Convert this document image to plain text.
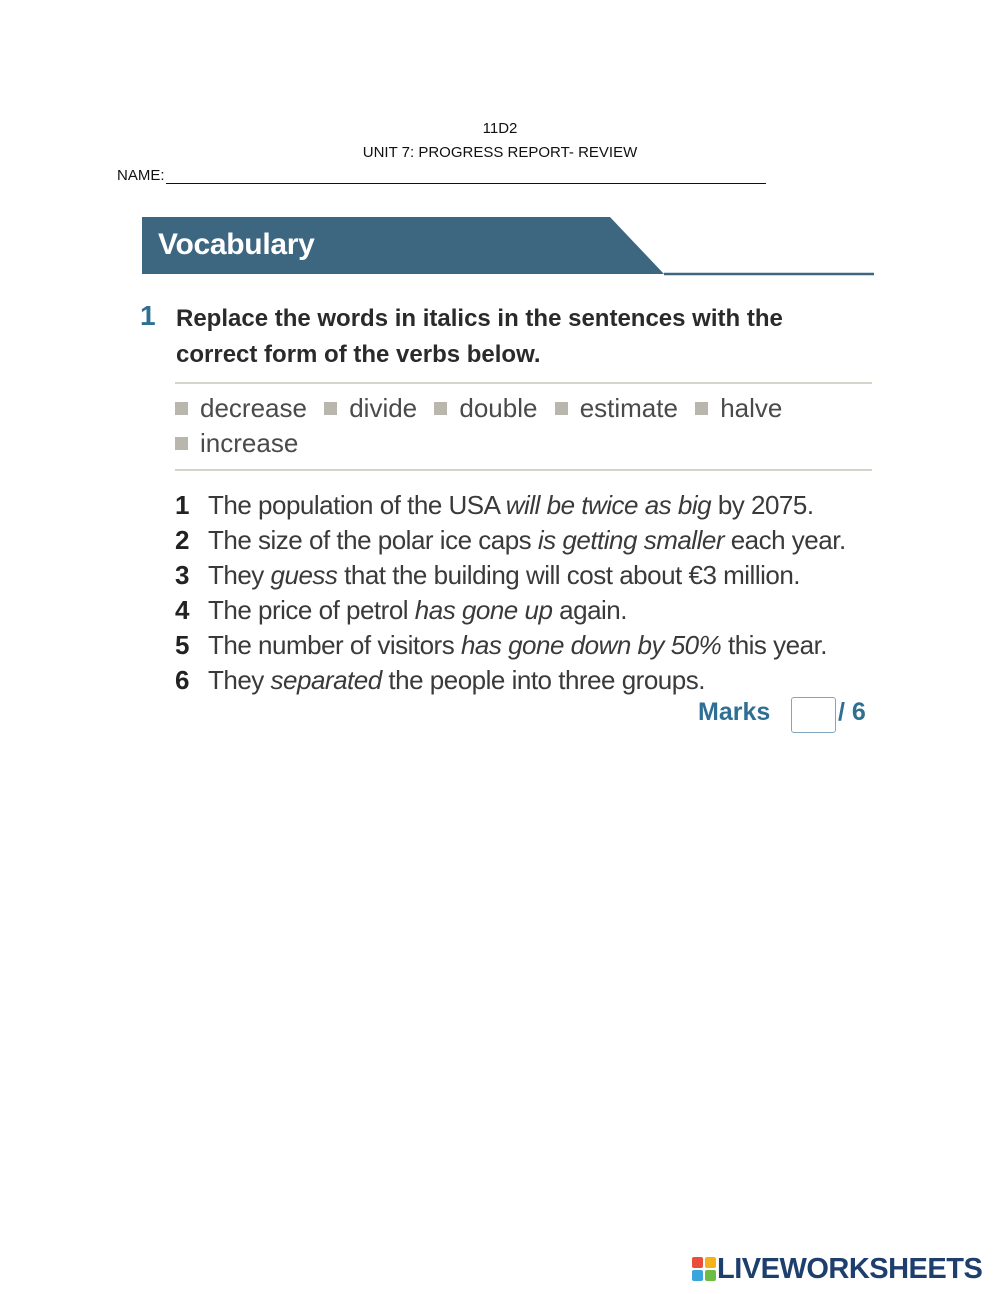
11D2
UNIT 7: PROGRESS REPORT- REVIEW
NAME:
Vocabulary
1 Replace the words in italics in the sentences with the correct form of the verbs below.
decrease divide double estimate halve
increase
1 The population of the USA will be twice as big by 2075.
2 The size of the polar ice caps is getting smaller each year.
3 They guess that the building will cost about €3 million.
4 The price of petrol has gone up again.
5 The number of visitors has gone down by 50% this year.
6 They separated the people into three groups.
Marks	/ 6
LIVEWORKSHEETS
